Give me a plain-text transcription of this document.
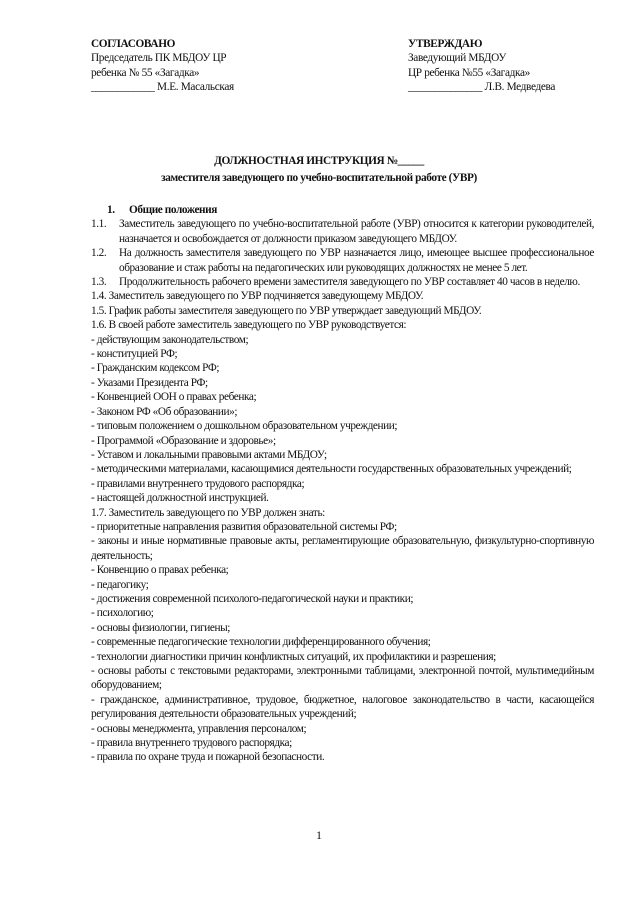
СОГЛАСОВАНО
Председатель ПК МБДОУ ЦР
ребенка № 55 «Загадка»
____________ М.Е. Масальская
УТВЕРЖДАЮ
Заведующий МБДОУ
ЦР ребенка №55 «Загадка»
______________ Л.В. Медведева
ДОЛЖНОСТНАЯ ИНСТРУКЦИЯ №_____
заместителя заведующего по учебно-воспитательной работе (УВР)
1.	Общие положения
1.1.	Заместитель заведующего по учебно-воспитательной работе (УВР) относится к категории руководителей, назначается и освобождается от должности приказом заведующего МБДОУ.
1.2.	На должность заместителя заведующего по УВР назначается лицо, имеющее высшее профессиональное образование и стаж работы на педагогических или руководящих должностях не менее 5 лет.
1.3.	Продолжительность рабочего времени заместителя заведующего по УВР составляет 40 часов в неделю.
1.4. Заместитель заведующего по УВР подчиняется заведующему МБДОУ.
1.5. График работы заместителя заведующего по УВР утверждает заведующий МБДОУ.
1.6. В своей работе заместитель заведующего по УВР руководствуется:
- действующим законодательством;
- конституцией РФ;
- Гражданским кодексом РФ;
- Указами Президента РФ;
- Конвенцией ООН о правах ребенка;
- Законом РФ «Об образовании»;
- типовым положением о дошкольном образовательном учреждении;
- Программой «Образование и здоровье»;
- Уставом и локальными правовыми актами МБДОУ;
- методическими материалами, касающимися деятельности государственных образовательных учреждений;
- правилами внутреннего трудового распорядка;
- настоящей должностной инструкцией.
1.7. Заместитель заведующего по УВР должен знать:
- приоритетные направления развития образовательной системы РФ;
- законы и иные нормативные правовые акты, регламентирующие образовательную, физкультурно-спортивную деятельность;
- Конвенцию о правах ребенка;
- педагогику;
- достижения современной психолого-педагогической науки и практики;
- психологию;
- основы физиологии, гигиены;
- современные педагогические технологии дифференцированного обучения;
- технологии диагностики причин конфликтных ситуаций, их профилактики и разрешения;
- основы работы с текстовыми редакторами, электронными таблицами, электронной почтой, мультимедийным оборудованием;
- гражданское, административное, трудовое, бюджетное, налоговое законодательство в части, касающейся регулирования деятельности образовательных учреждений;
- основы менеджмента, управления персоналом;
- правила внутреннего трудового распорядка;
- правила по охране труда и пожарной безопасности.
1
